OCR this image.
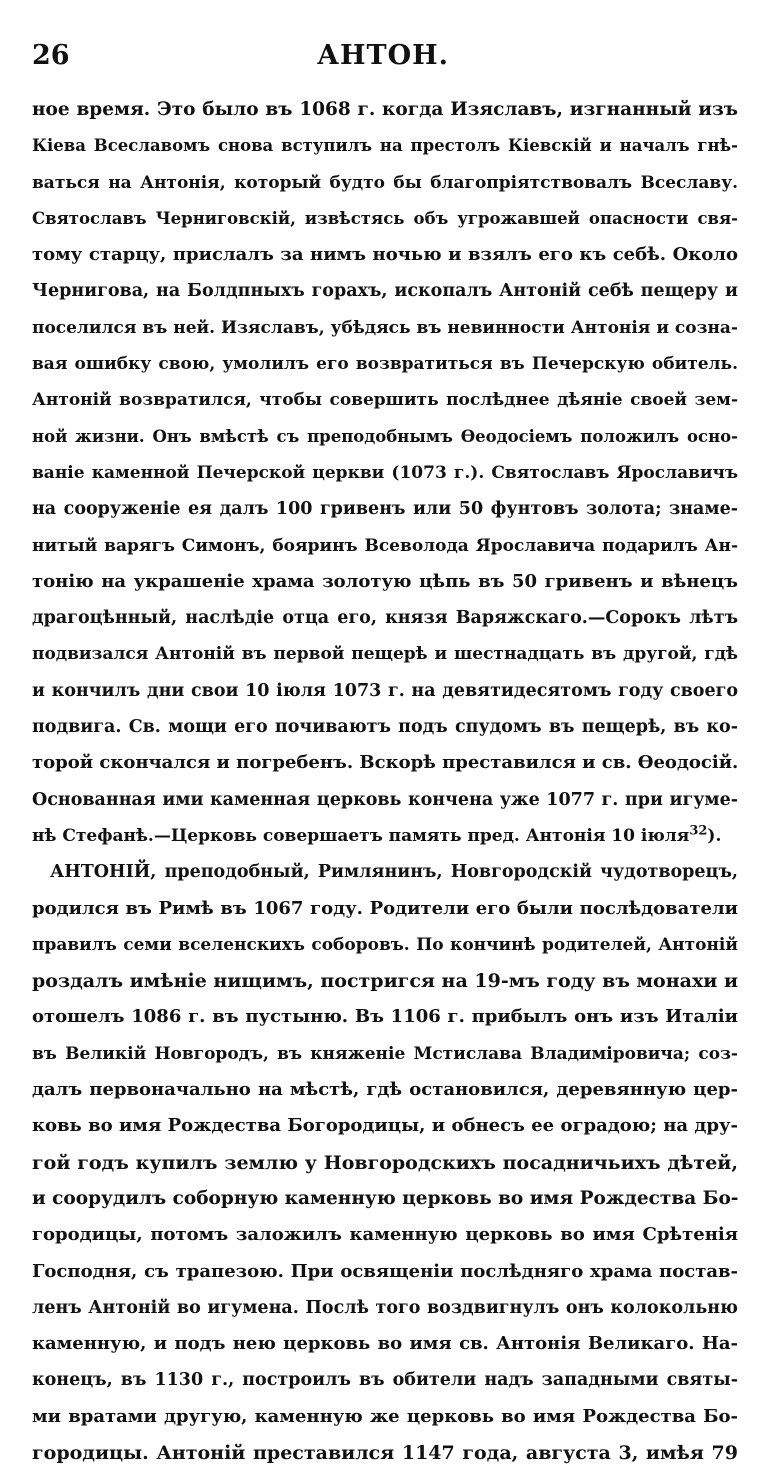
26	АНТОН.
ное время. Это было въ 1068 г. когда Изяславъ, изгнанный изъ
Кіева Всеславомъ снова вступилъ на престолъ Кіевскій и началъ гнѣ-
ваться на Антонія, который будто бы благопріятствовалъ Всеславу.
Святославъ Черниговскій, извѣстясь объ угрожавшей опасности свя-
тому старцу, прислалъ за нимъ ночью и взялъ его къ себѣ. Около
Чернигова, на Болдпныхъ горахъ, ископалъ Антоній себѣ пещеру и
поселился въ ней. Изяславъ, убѣдясь въ невинности Антонія и созна-
вая ошибку свою, умолилъ его возвратиться въ Печерскую обитель.
Антоній возвратился, чтобы совершить послѣднее дѣяніе своей зем-
ной жизни. Онъ вмѣстѣ съ преподобнымъ Ѳеодосіемъ положилъ осно-
ваніе каменной Печерской церкви (1073 г.). Святославъ Ярославичъ
на сооруженіе ея далъ 100 гривенъ или 50 фунтовъ золота; знаме-
нитый варягъ Симонъ, бояринъ Всеволода Ярославича подарилъ Ан-
тонію на украшеніе храма золотую цѣпь въ 50 гривенъ и вѣнецъ
драгоцѣнный, наслѣдіе отца его, князя Варяжскаго.—Сорокъ лѣтъ
подвизался Антоній въ первой пещерѣ и шестнадцать въ другой, гдѣ
и кончилъ дни свои 10 іюля 1073 г. на девятидесятомъ году своего
подвига. Св. мощи его почиваютъ подъ спудомъ въ пещерѣ, въ ко-
торой скончался и погребенъ. Вскорѣ преставился и св. Ѳеодосій.
Основанная ими каменная церковь кончена уже 1077 г. при игуме-
нѣ Стефанѣ.—Церковь совершаетъ память пред. Антонія 10 іюля$^{32}$).
АНТОНІЙ, преподобный, Римлянинъ, Новгородскій чудотворецъ,
родился въ Римѣ въ 1067 году. Родители его были послѣдователи
правилъ семи вселенскихъ соборовъ. По кончинѣ родителей, Антоній
роздалъ имѣніе нищимъ, постригся на 19-мъ году въ монахи и
отошелъ 1086 г. въ пустыню. Въ 1106 г. прибылъ онъ изъ Италіи
въ Великій Новгородъ, въ княженіе Мстислава Владиміровича; соз-
далъ первоначально на мѣстѣ, гдѣ остановился, деревянную цер-
ковь во имя Рождества Богородицы, и обнесъ ее оградою; на дру-
гой годъ купилъ землю у Новгородскихъ посадничьихъ дѣтей,
и соорудилъ соборную каменную церковь во имя Рождества Бо-
городицы, потомъ заложилъ каменную церковь во имя Срѣтенія
Господня, съ трапезою. При освященіи послѣдняго храма постав-
ленъ Антоній во игумена. Послѣ того воздвигнулъ онъ колокольню
каменную, и подъ нею церковь во имя св. Антонія Великаго. На-
конецъ, въ 1130 г., построилъ въ обители надъ западными святы-
ми вратами другую, каменную же церковь во имя Рождества Бо-
городицы. Антоній преставился 1147 года, августа 3, имѣя 79
